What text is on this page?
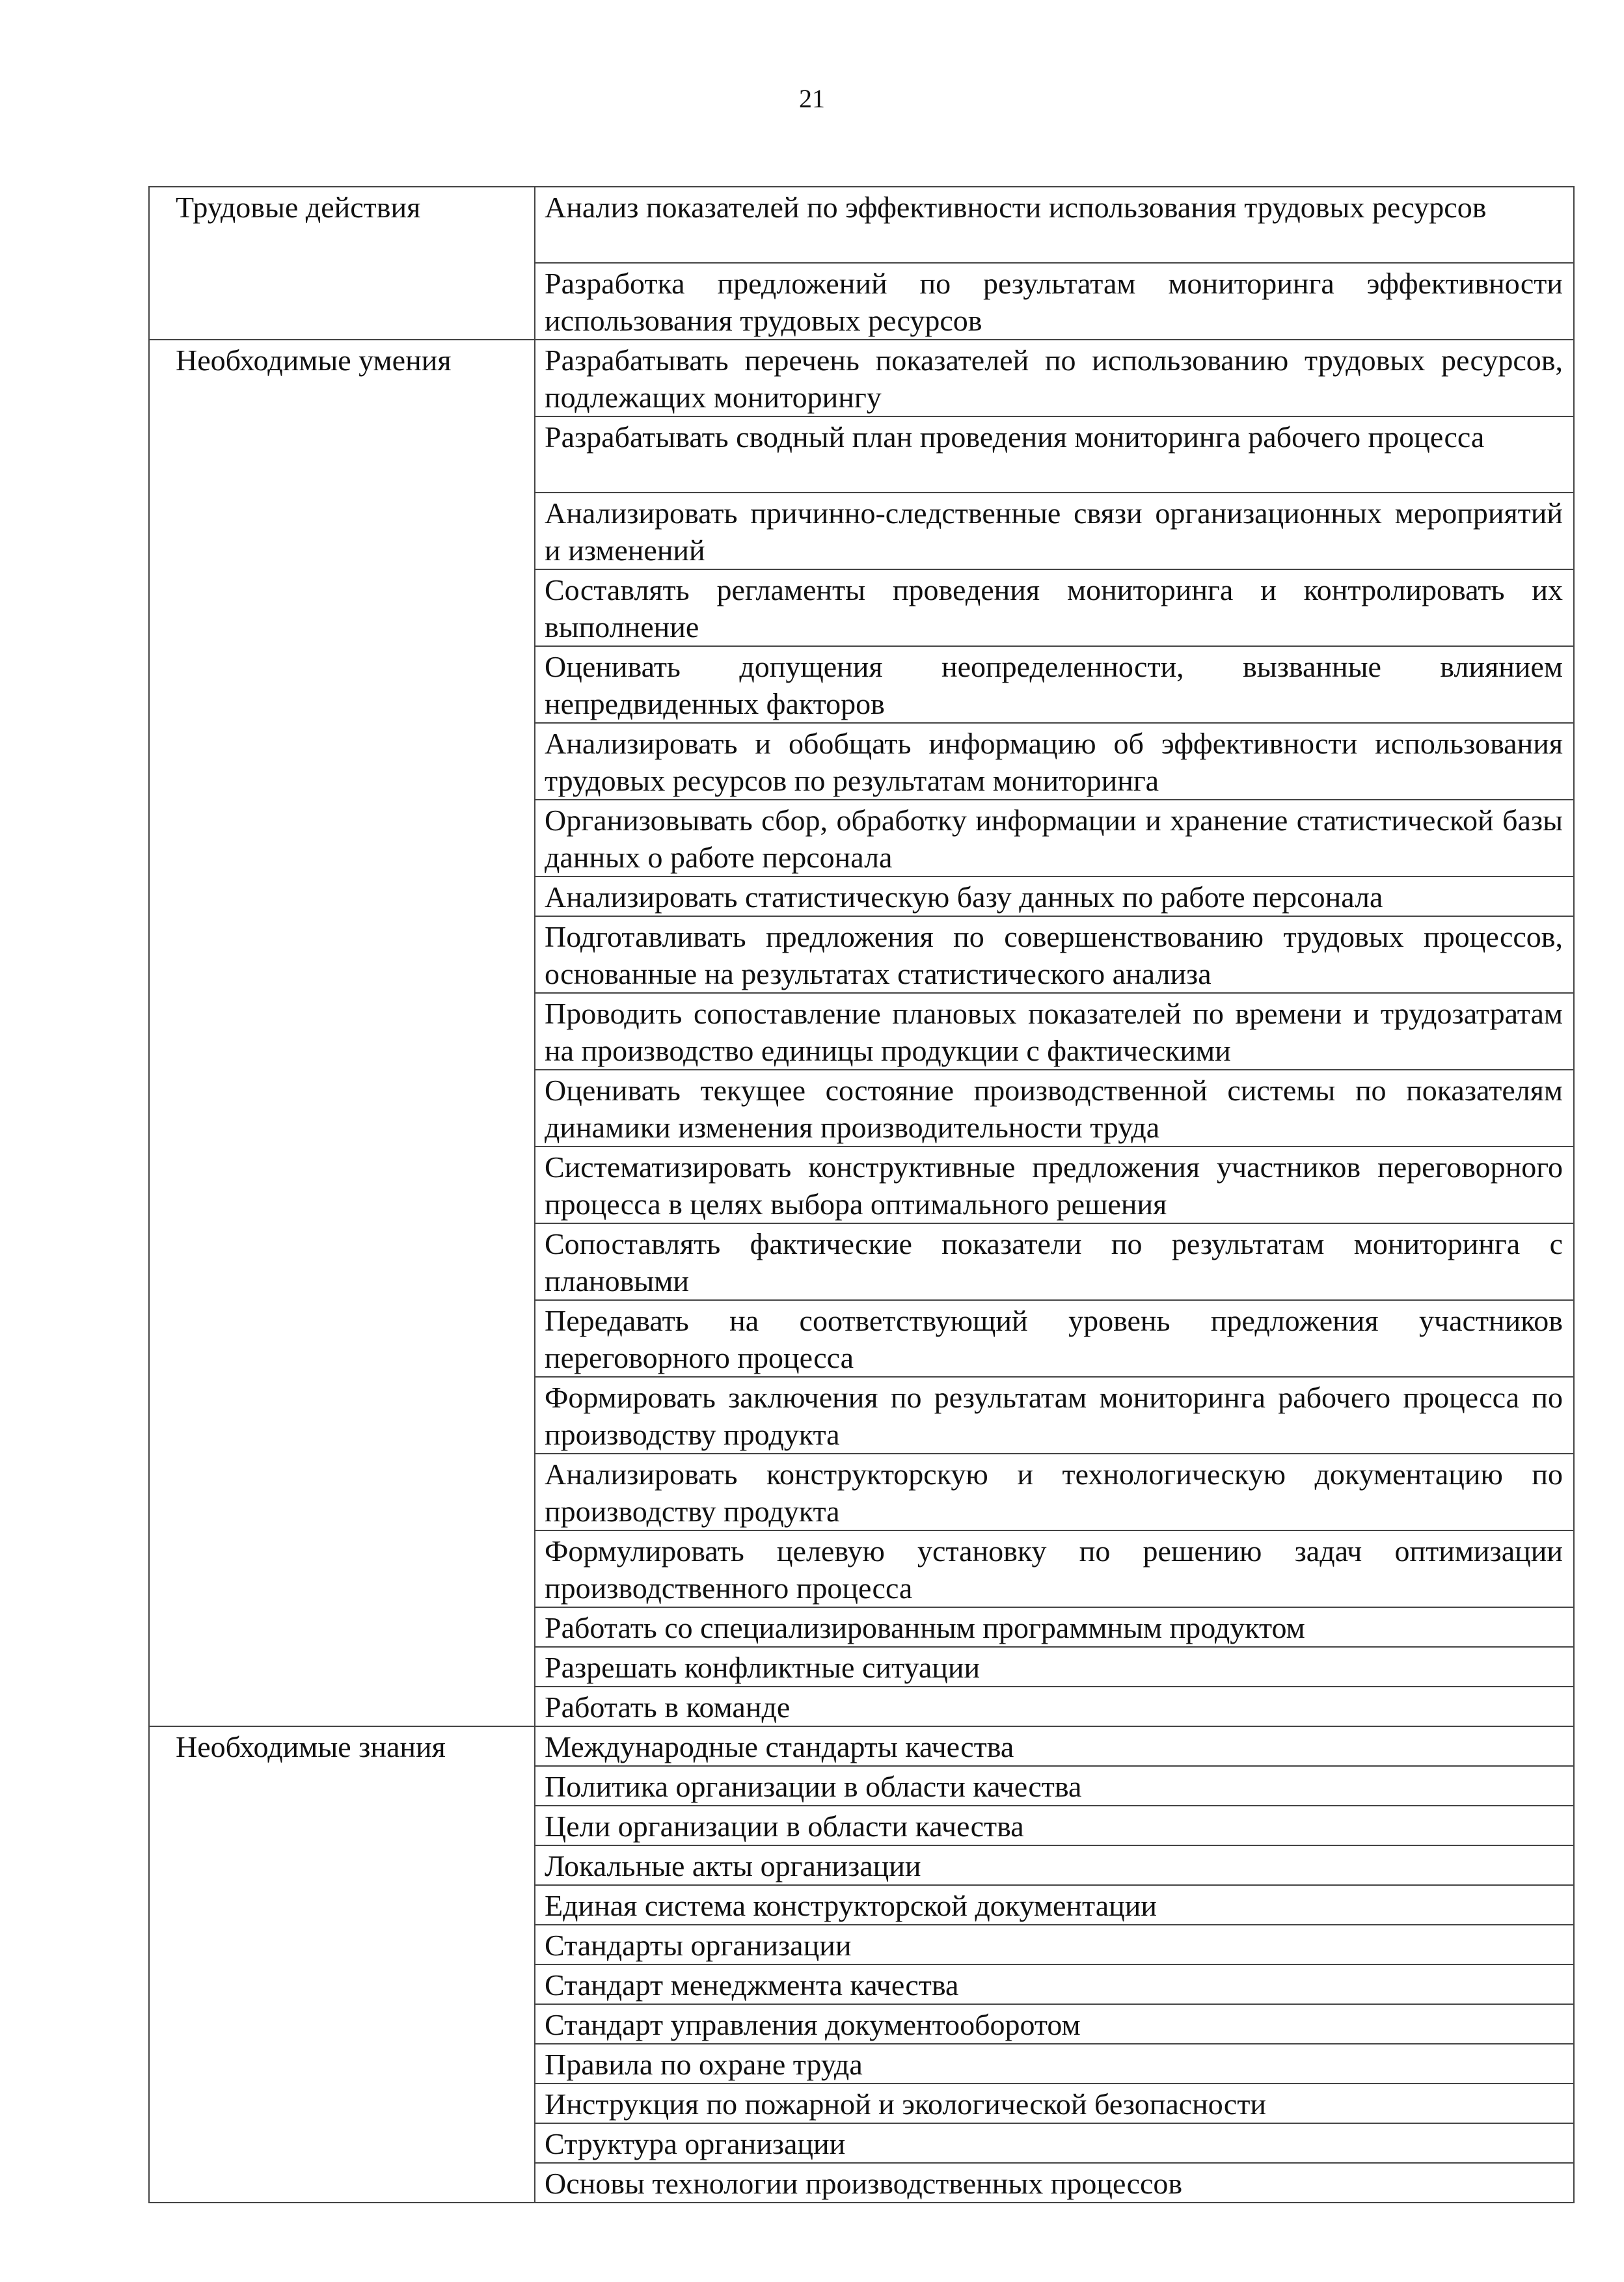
21
Трудовые действия	Анализ показателей по эффективности использования трудовых ресурсов
	Разработка предложений по результатам мониторинга эффективности использования трудовых ресурсов
Необходимые умения	Разрабатывать перечень показателей по использованию трудовых ресурсов, подлежащих мониторингу
	Разрабатывать сводный план проведения мониторинга рабочего процесса
	Анализировать причинно-следственные связи организационных мероприятий и изменений
	Составлять регламенты проведения мониторинга и контролировать их выполнение
	Оценивать допущения неопределенности, вызванные влиянием непредвиденных факторов
	Анализировать и обобщать информацию об эффективности использования трудовых ресурсов по результатам мониторинга
	Организовывать сбор, обработку информации и хранение статистической базы данных о работе персонала
	Анализировать статистическую базу данных по работе персонала
	Подготавливать предложения по совершенствованию трудовых процессов, основанные на результатах статистического анализа
	Проводить сопоставление плановых показателей по времени и трудозатратам на производство единицы продукции с фактическими
	Оценивать текущее состояние производственной системы по показателям динамики изменения производительности труда
	Систематизировать конструктивные предложения участников переговорного процесса в целях выбора оптимального решения
	Сопоставлять фактические показатели по результатам мониторинга с плановыми
	Передавать на соответствующий уровень предложения участников переговорного процесса
	Формировать заключения по результатам мониторинга рабочего процесса по производству продукта
	Анализировать конструкторскую и технологическую документацию по производству продукта
	Формулировать целевую установку по решению задач оптимизации производственного процесса
	Работать со специализированным программным продуктом
	Разрешать конфликтные ситуации
	Работать в команде
Необходимые знания	Международные стандарты качества
	Политика организации в области качества
	Цели организации в области качества
	Локальные акты организации
	Единая система конструкторской документации
	Стандарты организации
	Стандарт менеджмента качества
	Стандарт управления документооборотом
	Правила по охране труда
	Инструкция по пожарной и экологической безопасности
	Структура организации
	Основы технологии производственных процессов
